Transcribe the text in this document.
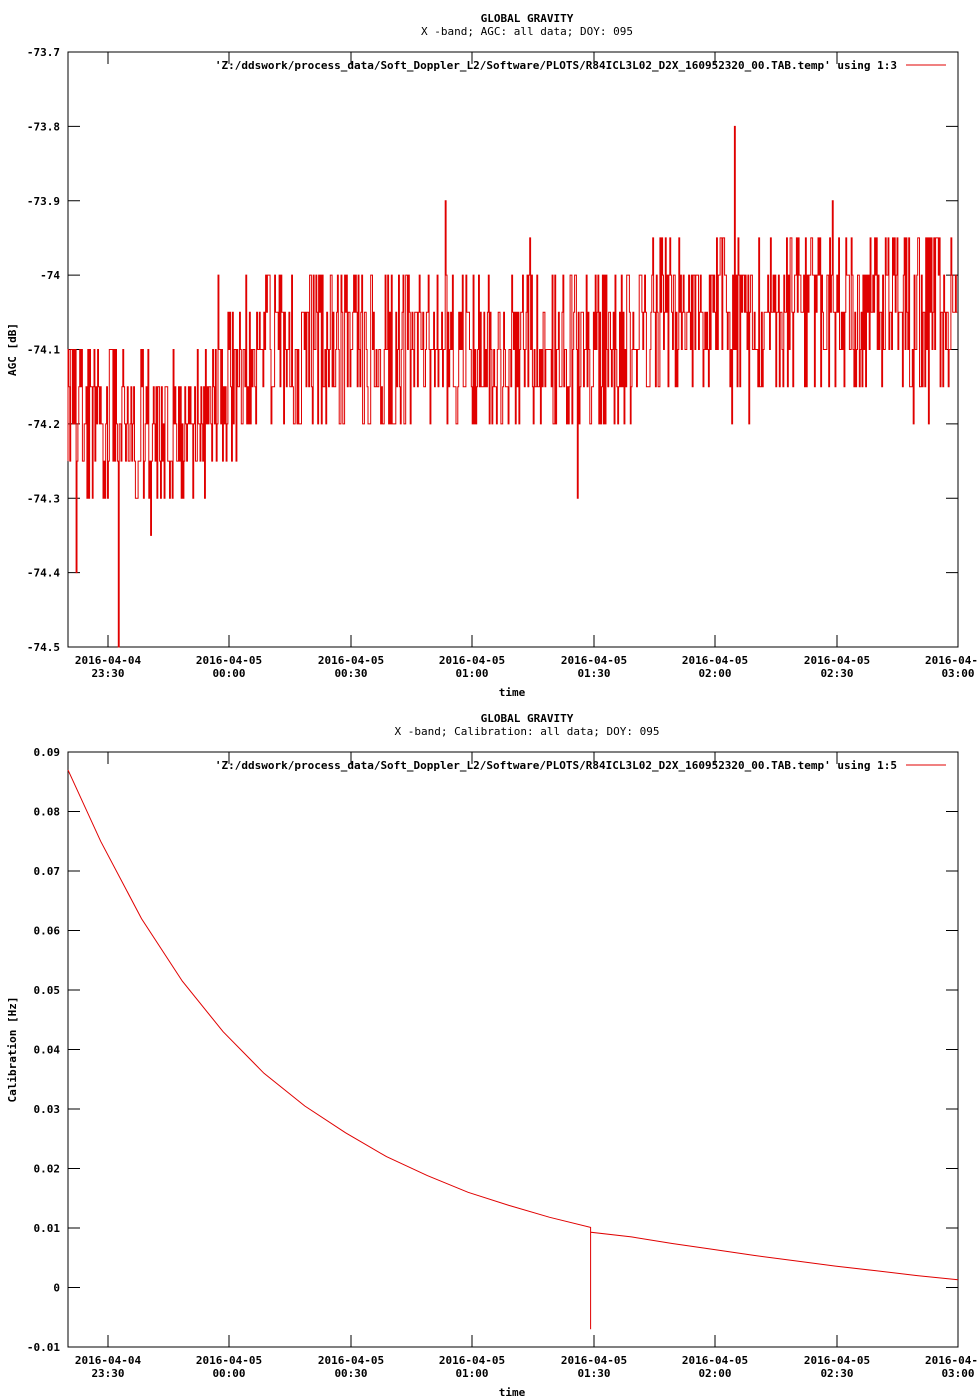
GLOBAL GRAVITY
X -band; AGC: all data; DOY: 095
-73.7
-73.8
-73.9
-74
-74.1
-74.2
-74.3
-74.4
-74.5
2016-04-04
23:30
2016-04-05
00:00
2016-04-05
00:30
2016-04-05
01:00
2016-04-05
01:30
2016-04-05
02:00
2016-04-05
02:30
2016-04-
03:00
time
AGC [dB]
'Z:/ddswork/process_data/Soft_Doppler_L2/Software/PLOTS/R84ICL3L02_D2X_160952320_00.TAB.temp' using 1:3
GLOBAL GRAVITY
X -band; Calibration: all data; DOY: 095
0.09
0.08
0.07
0.06
0.05
0.04
0.03
0.02
0.01
0
-0.01
2016-04-04
23:30
2016-04-05
00:00
2016-04-05
00:30
2016-04-05
01:00
2016-04-05
01:30
2016-04-05
02:00
2016-04-05
02:30
2016-04-
03:00
time
Calibration [Hz]
'Z:/ddswork/process_data/Soft_Doppler_L2/Software/PLOTS/R84ICL3L02_D2X_160952320_00.TAB.temp' using 1:5
